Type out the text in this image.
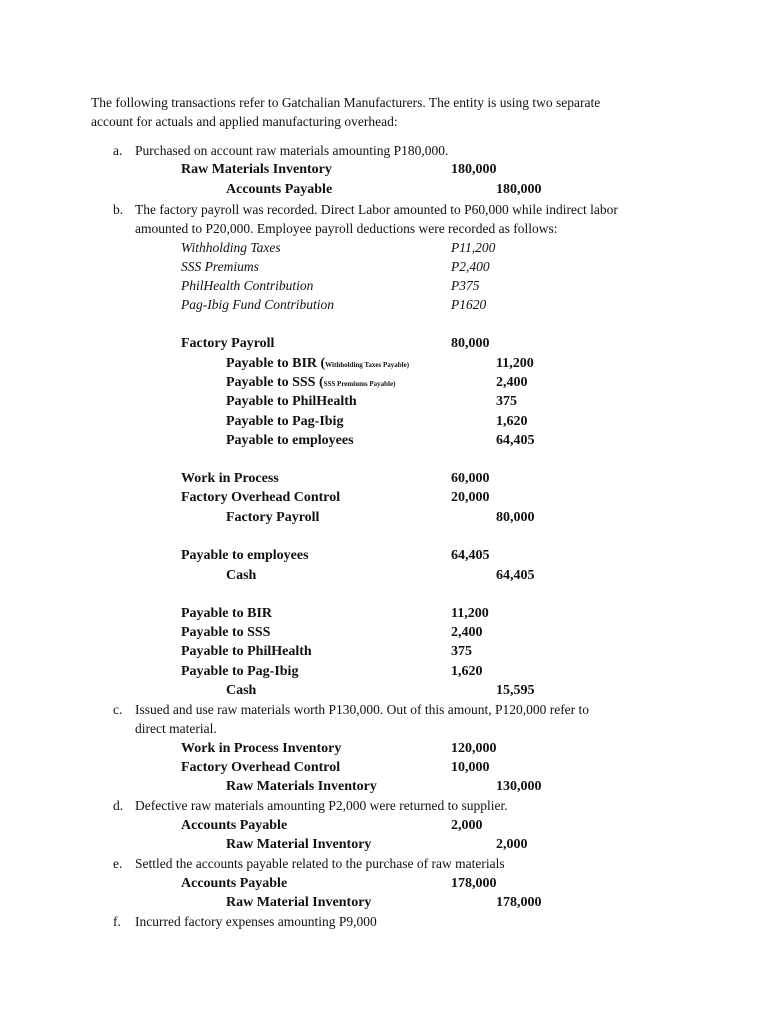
The following transactions refer to Gatchalian Manufacturers. The entity is using two separate
account for actuals and applied manufacturing overhead:
a. Purchased on account raw materials amounting P180,000.
Raw Materials Inventory	180,000
Accounts Payable	180,000
b. The factory payroll was recorded. Direct Labor amounted to P60,000 while indirect labor
amounted to P20,000. Employee payroll deductions were recorded as follows:
Withholding Taxes	P11,200
SSS Premiums	P2,400
PhilHealth Contribution	P375
Pag-Ibig Fund Contribution	P1620
Factory Payroll	80,000
Payable to BIR (Withholding Taxes Payable)	11,200
Payable to SSS (SSS Premiums Payable)	2,400
Payable to PhilHealth	375
Payable to Pag-Ibig	1,620
Payable to employees	64,405
Work in Process	60,000
Factory Overhead Control	20,000
Factory Payroll	80,000
Payable to employees	64,405
Cash	64,405
Payable to BIR	11,200
Payable to SSS	2,400
Payable to PhilHealth	375
Payable to Pag-Ibig	1,620
Cash	15,595
c. Issued and use raw materials worth P130,000. Out of this amount, P120,000 refer to
direct material.
Work in Process Inventory	120,000
Factory Overhead Control	10,000
Raw Materials Inventory	130,000
d. Defective raw materials amounting P2,000 were returned to supplier.
Accounts Payable	2,000
Raw Material Inventory	2,000
e. Settled the accounts payable related to the purchase of raw materials
Accounts Payable	178,000
Raw Material Inventory	178,000
f. Incurred factory expenses amounting P9,000
